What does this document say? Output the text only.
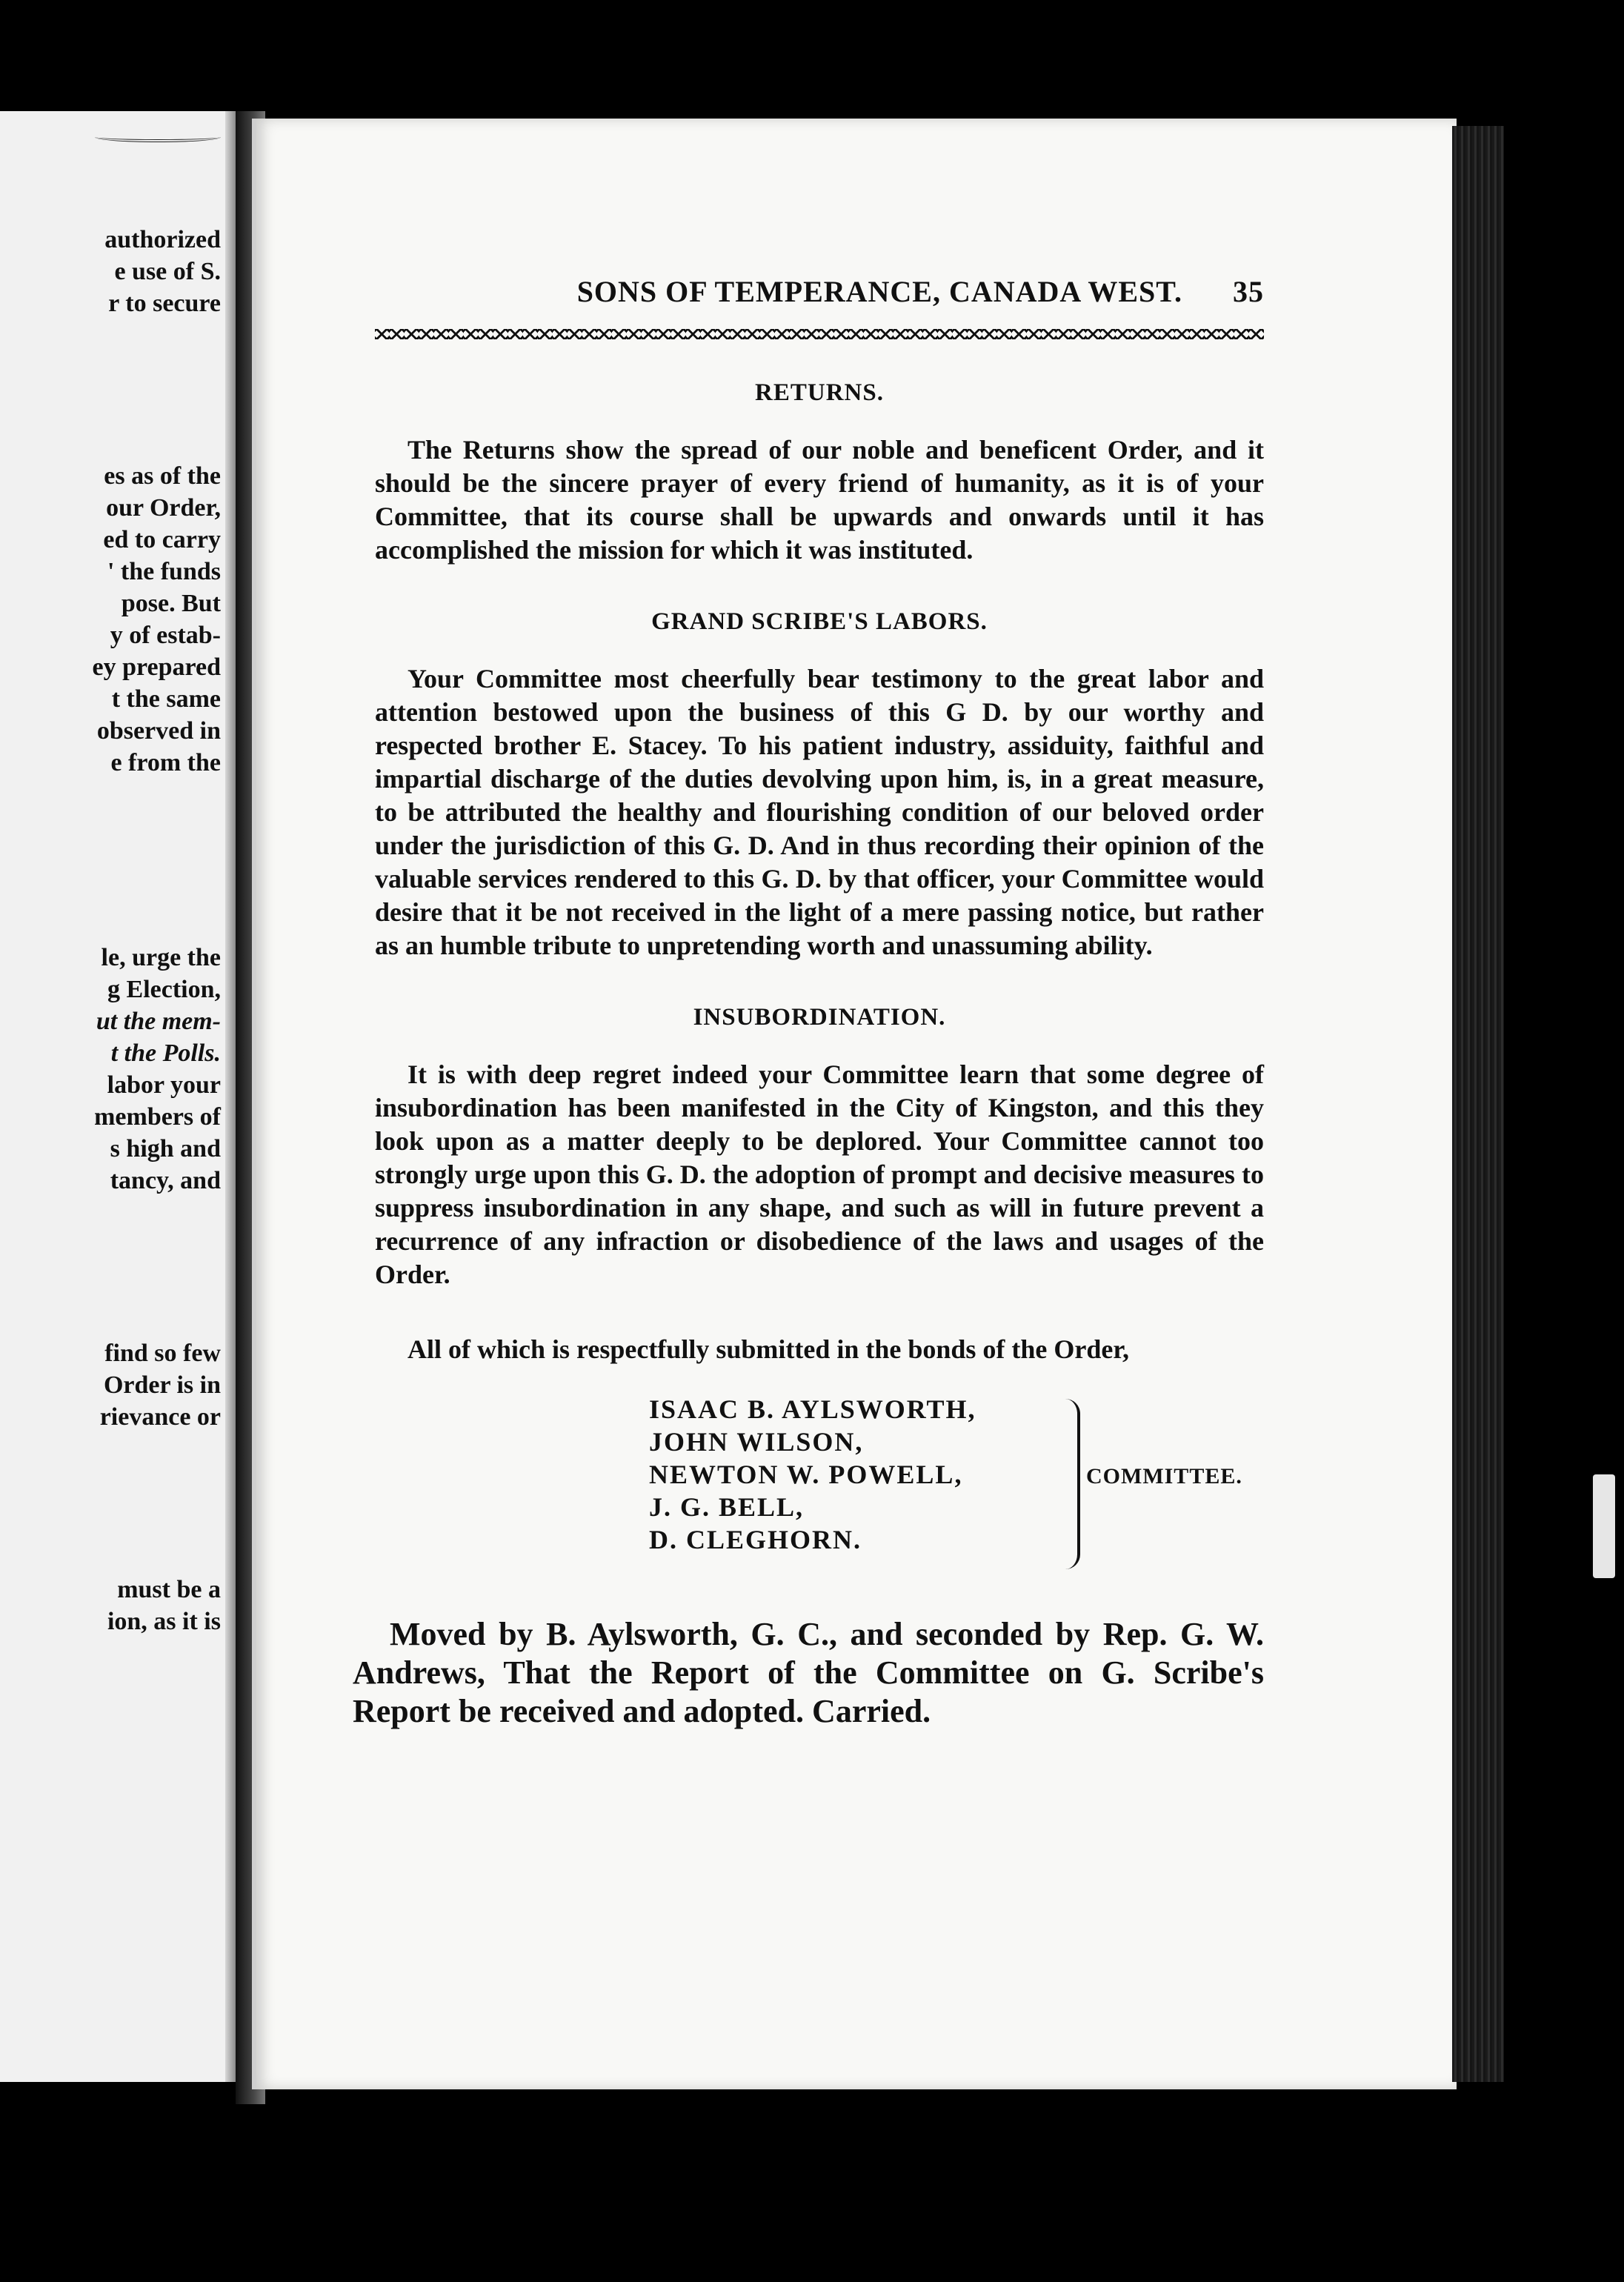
authorized
e use of S.
r to secure
es as of the
our Order,
ed to carry
' the funds
pose. But
y of estab-
ey prepared
t the same
observed in
e from the
le, urge the
g Election,
ut the mem-
t the Polls.
labor your
members of
s high and
tancy, and
find so few
Order is in
rievance or
must be a
ion, as it is
SONS OF TEMPERANCE, CANADA WEST. 35
RETURNS.

The Returns show the spread of our noble and beneficent Order, and it should be the sincere prayer of every friend of humanity, as it is of your Committee, that its course shall be upwards and onwards until it has accomplished the mission for which it was instituted.

GRAND SCRIBE'S LABORS.

Your Committee most cheerfully bear testimony to the great labor and attention bestowed upon the business of this G D. by our worthy and respected brother E. Stacey. To his patient industry, assiduity, faithful and impartial discharge of the duties devolving upon him, is, in a great measure, to be attributed the healthy and flourishing condition of our beloved order under the jurisdiction of this G. D. And in thus recording their opinion of the valuable services rendered to this G. D. by that officer, your Committee would desire that it be not received in the light of a mere passing notice, but rather as an humble tribute to unpretending worth and unassuming ability.

INSUBORDINATION.

It is with deep regret indeed your Committee learn that some degree of insubordination has been manifested in the City of Kingston, and this they look upon as a matter deeply to be deplored. Your Committee cannot too strongly urge upon this G. D. the adoption of prompt and decisive measures to suppress insubordination in any shape, and such as will in future prevent a recurrence of any infraction or disobedience of the laws and usages of the Order.

All of which is respectfully submitted in the bonds of the Order,

ISAAC B. AYLSWORTH,
JOHN WILSON,
NEWTON W. POWELL,
J. G. BELL,
D. CLEGHORN.
COMMITTEE.

Moved by B. Aylsworth, G. C., and seconded by Rep. G. W. Andrews, That the Report of the Committee on G. Scribe's Report be received and adopted. Carried.
